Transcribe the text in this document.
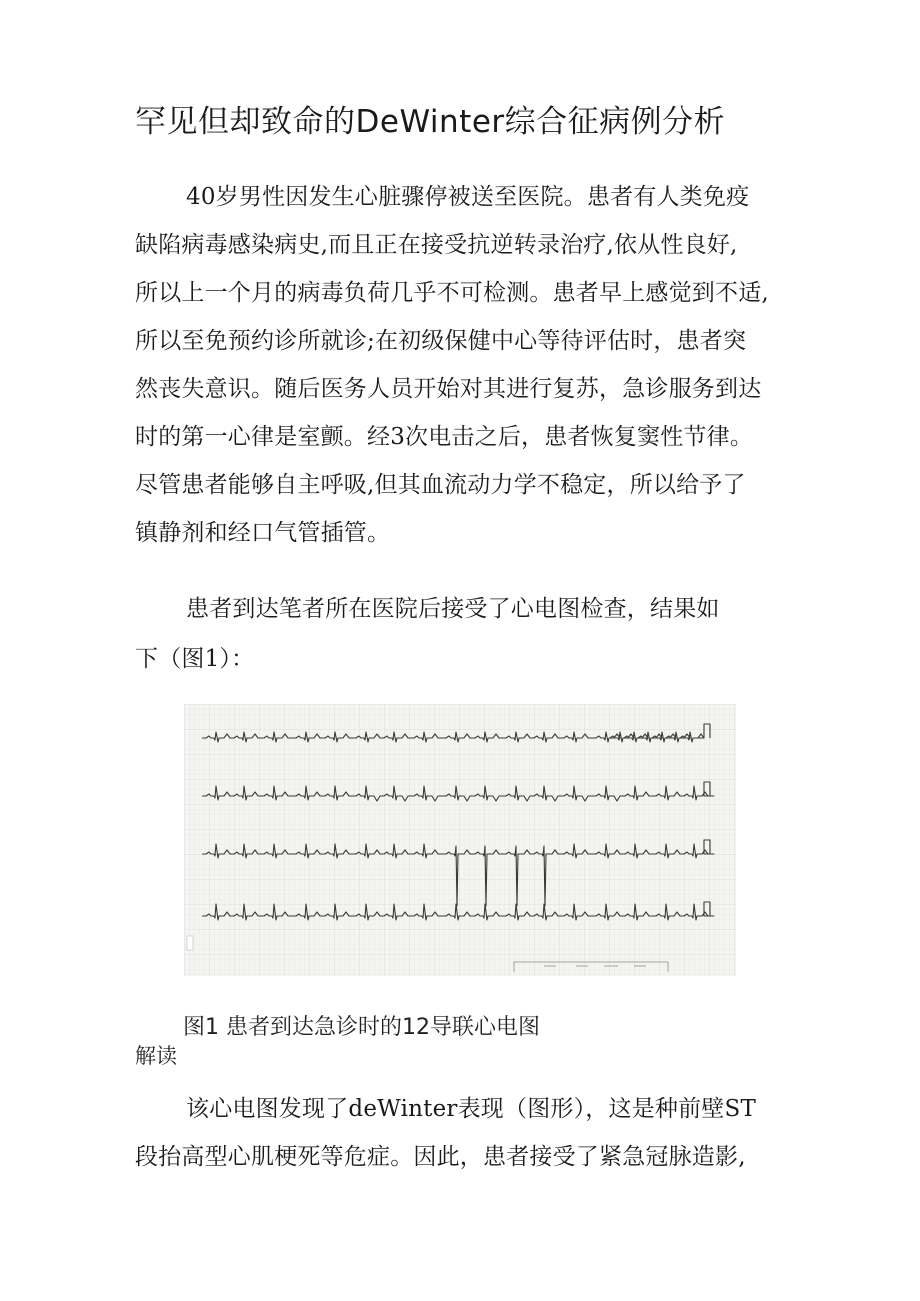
罕见但却致命的DeWinter综合征病例分析

40岁男性因发生心脏骤停被送至医院。患者有人类免疫

缺陷病毒感染病史,而且正在接受抗逆转录治疗,依从性良好,

所以上一个月的病毒负荷几乎不可检测。患者早上感觉到不适,

所以至免预约诊所就诊;在初级保健中心等待评估时，患者突

然丧失意识。随后医务人员开始对其进行复苏，急诊服务到达

时的第一心律是室颤。经3次电击之后，患者恢复窦性节律。

尽管患者能够自主呼吸,但其血流动力学不稳定，所以给予了

镇静剂和经口气管插管。

患者到达笔者所在医院后接受了心电图检查，结果如

下（图1）：

图1 患者到达急诊时的12导联心电图

解读

该心电图发现了deWinter表现（图形），这是种前壁ST

段抬高型心肌梗死等危症。因此，患者接受了紧急冠脉造影,
